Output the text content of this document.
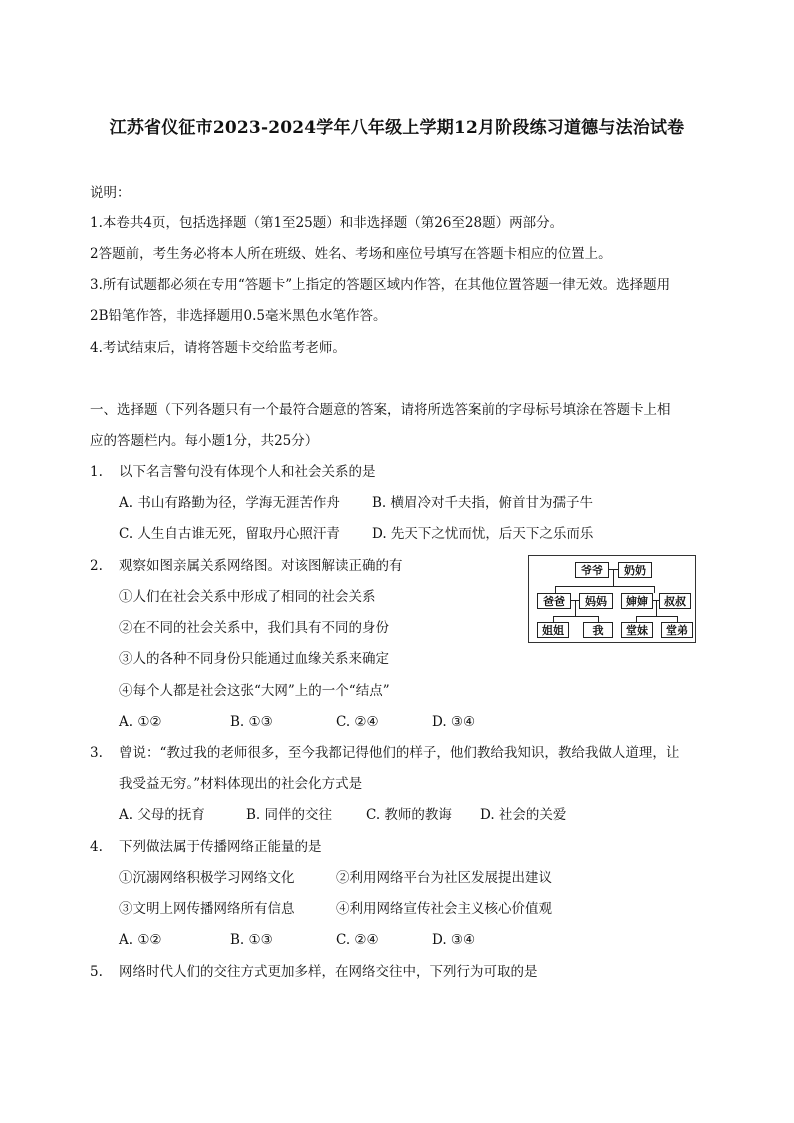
江苏省仪征市2023-2024学年八年级上学期12月阶段练习道德与法治试卷
说明：
1.本卷共4页，包括选择题（第1至25题）和非选择题（第26至28题）两部分。
2答题前，考生务必将本人所在班级、姓名、考场和座位号填写在答题卡相应的位置上。
3.所有试题都必须在专用“答题卡”上指定的答题区域内作答，在其他位置答题一律无效。选择题用
2B铅笔作答，非选择题用0.5毫米黑色水笔作答。
4.考试结束后，请将答题卡交给监考老师。
一、选择题（下列各题只有一个最符合题意的答案，请将所选答案前的字母标号填涂在答题卡上相
应的答题栏内。每小题1分，共25分）
1. 以下名言警句没有体现个人和社会关系的是
A. 书山有路勤为径，学海无涯苦作舟 B. 横眉冷对千夫指，俯首甘为孺子牛
C. 人生自古谁无死，留取丹心照汗青 D. 先天下之忧而忧，后天下之乐而乐
2. 观察如图亲属关系网络图。对该图解读正确的有
①人们在社会关系中形成了相同的社会关系
②在不同的社会关系中，我们具有不同的身份
③人的各种不同身份只能通过血缘关系来确定
④每个人都是社会这张“大网”上的一个“结点”
A. ①②	B. ①③	C. ②④	D. ③④
爷爷	奶奶
爸爸	妈妈	婶婶	叔叔
姐姐	我	堂妹	堂弟
3. 曾说：“教过我的老师很多，至今我都记得他们的样子，他们教给我知识，教给我做人道理，让
我受益无穷。”材料体现出的社会化方式是
A. 父母的抚育	B. 同伴的交往	C. 教师的教诲 D. 社会的关爱
4. 下列做法属于传播网络正能量的是
①沉溺网络积极学习网络文化	②利用网络平台为社区发展提出建议
③文明上网传播网络所有信息	④利用网络宣传社会主义核心价值观
A. ①②	B. ①③	C. ②④	D. ③④
5. 网络时代人们的交往方式更加多样，在网络交往中，下列行为可取的是
